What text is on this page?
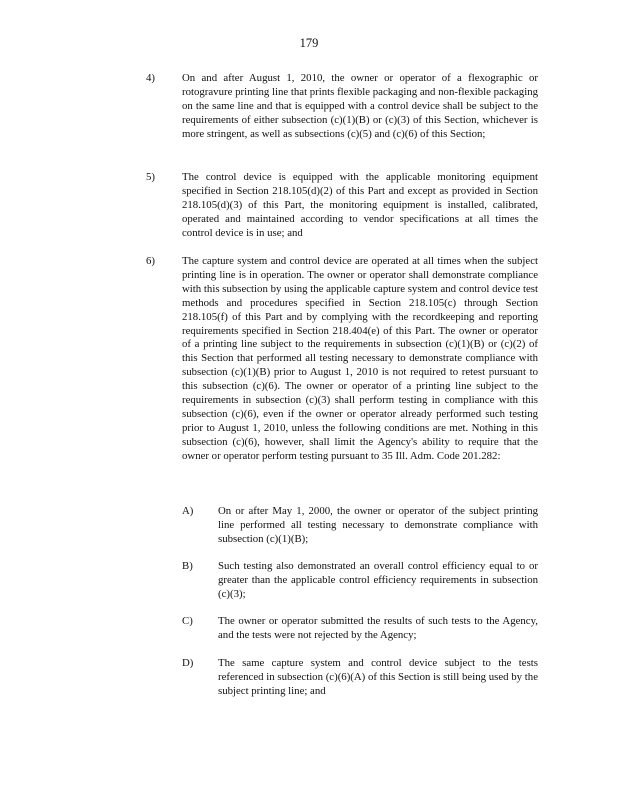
179
4)	On and after August 1, 2010, the owner or operator of a flexographic or rotogravure printing line that prints flexible packaging and non-flexible packaging on the same line and that is equipped with a control device shall be subject to the requirements of either subsection (c)(1)(B) or (c)(3) of this Section, whichever is more stringent, as well as subsections (c)(5) and (c)(6) of this Section;
5)	The control device is equipped with the applicable monitoring equipment specified in Section 218.105(d)(2) of this Part and except as provided in Section 218.105(d)(3) of this Part, the monitoring equipment is installed, calibrated, operated and maintained according to vendor specifications at all times the control device is in use; and
6)	The capture system and control device are operated at all times when the subject printing line is in operation. The owner or operator shall demonstrate compliance with this subsection by using the applicable capture system and control device test methods and procedures specified in Section 218.105(c) through Section 218.105(f) of this Part and by complying with the recordkeeping and reporting requirements specified in Section 218.404(e) of this Part. The owner or operator of a printing line subject to the requirements in subsection (c)(1)(B) or (c)(2) of this Section that performed all testing necessary to demonstrate compliance with subsection (c)(1)(B) prior to August 1, 2010 is not required to retest pursuant to this subsection (c)(6). The owner or operator of a printing line subject to the requirements in subsection (c)(3) shall perform testing in compliance with this subsection (c)(6), even if the owner or operator already performed such testing prior to August 1, 2010, unless the following conditions are met. Nothing in this subsection (c)(6), however, shall limit the Agency's ability to require that the owner or operator perform testing pursuant to 35 Ill. Adm. Code 201.282:
A) On or after May 1, 2000, the owner or operator of the subject printing line performed all testing necessary to demonstrate compliance with subsection (c)(1)(B);
B) Such testing also demonstrated an overall control efficiency equal to or greater than the applicable control efficiency requirements in subsection (c)(3);
C) The owner or operator submitted the results of such tests to the Agency, and the tests were not rejected by the Agency;
D) The same capture system and control device subject to the tests referenced in subsection (c)(6)(A) of this Section is still being used by the subject printing line; and
